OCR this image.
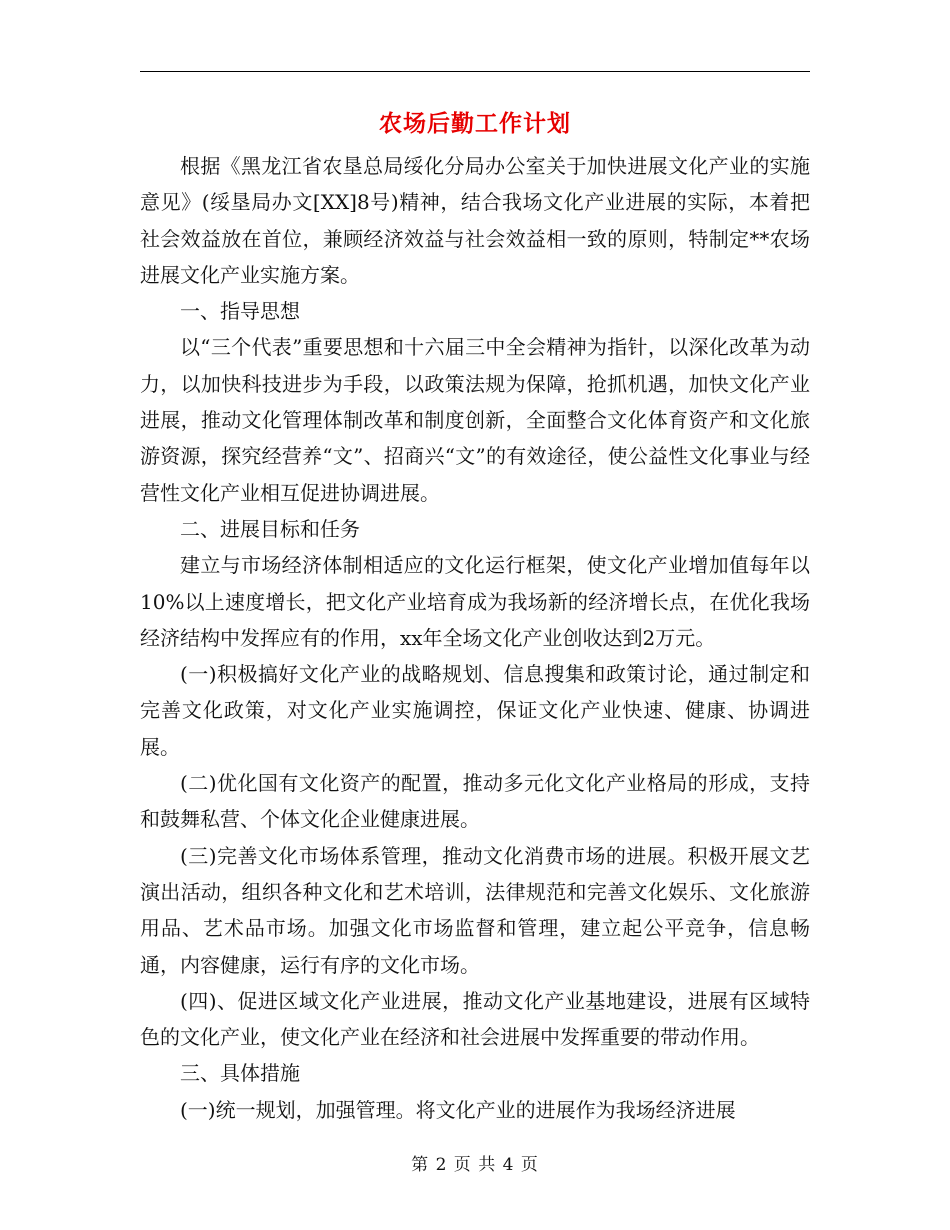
农场后勤工作计划

根据《黑龙江省农垦总局绥化分局办公室关于加快进展文化产业的实施意见》(绥垦局办文[XX]8号)精神，结合我场文化产业进展的实际，本着把社会效益放在首位，兼顾经济效益与社会效益相一致的原则，特制定**农场进展文化产业实施方案。

一、指导思想

以“三个代表”重要思想和十六届三中全会精神为指针，以深化改革为动力，以加快科技进步为手段，以政策法规为保障，抢抓机遇，加快文化产业进展，推动文化管理体制改革和制度创新，全面整合文化体育资产和文化旅游资源，探究经营养“文”、招商兴“文”的有效途径，使公益性文化事业与经营性文化产业相互促进协调进展。

二、进展目标和任务

建立与市场经济体制相适应的文化运行框架，使文化产业增加值每年以10%以上速度增长，把文化产业培育成为我场新的经济增长点，在优化我场经济结构中发挥应有的作用，xx年全场文化产业创收达到2万元。

(一)积极搞好文化产业的战略规划、信息搜集和政策讨论，通过制定和完善文化政策，对文化产业实施调控，保证文化产业快速、健康、协调进展。

(二)优化国有文化资产的配置，推动多元化文化产业格局的形成，支持和鼓舞私营、个体文化企业健康进展。

(三)完善文化市场体系管理，推动文化消费市场的进展。积极开展文艺演出活动，组织各种文化和艺术培训，法律规范和完善文化娱乐、文化旅游用品、艺术品市场。加强文化市场监督和管理，建立起公平竞争，信息畅通，内容健康，运行有序的文化市场。

(四)、促进区域文化产业进展，推动文化产业基地建设，进展有区域特色的文化产业，使文化产业在经济和社会进展中发挥重要的带动作用。

三、具体措施

(一)统一规划，加强管理。将文化产业的进展作为我场经济进展

第 2 页 共 4 页
